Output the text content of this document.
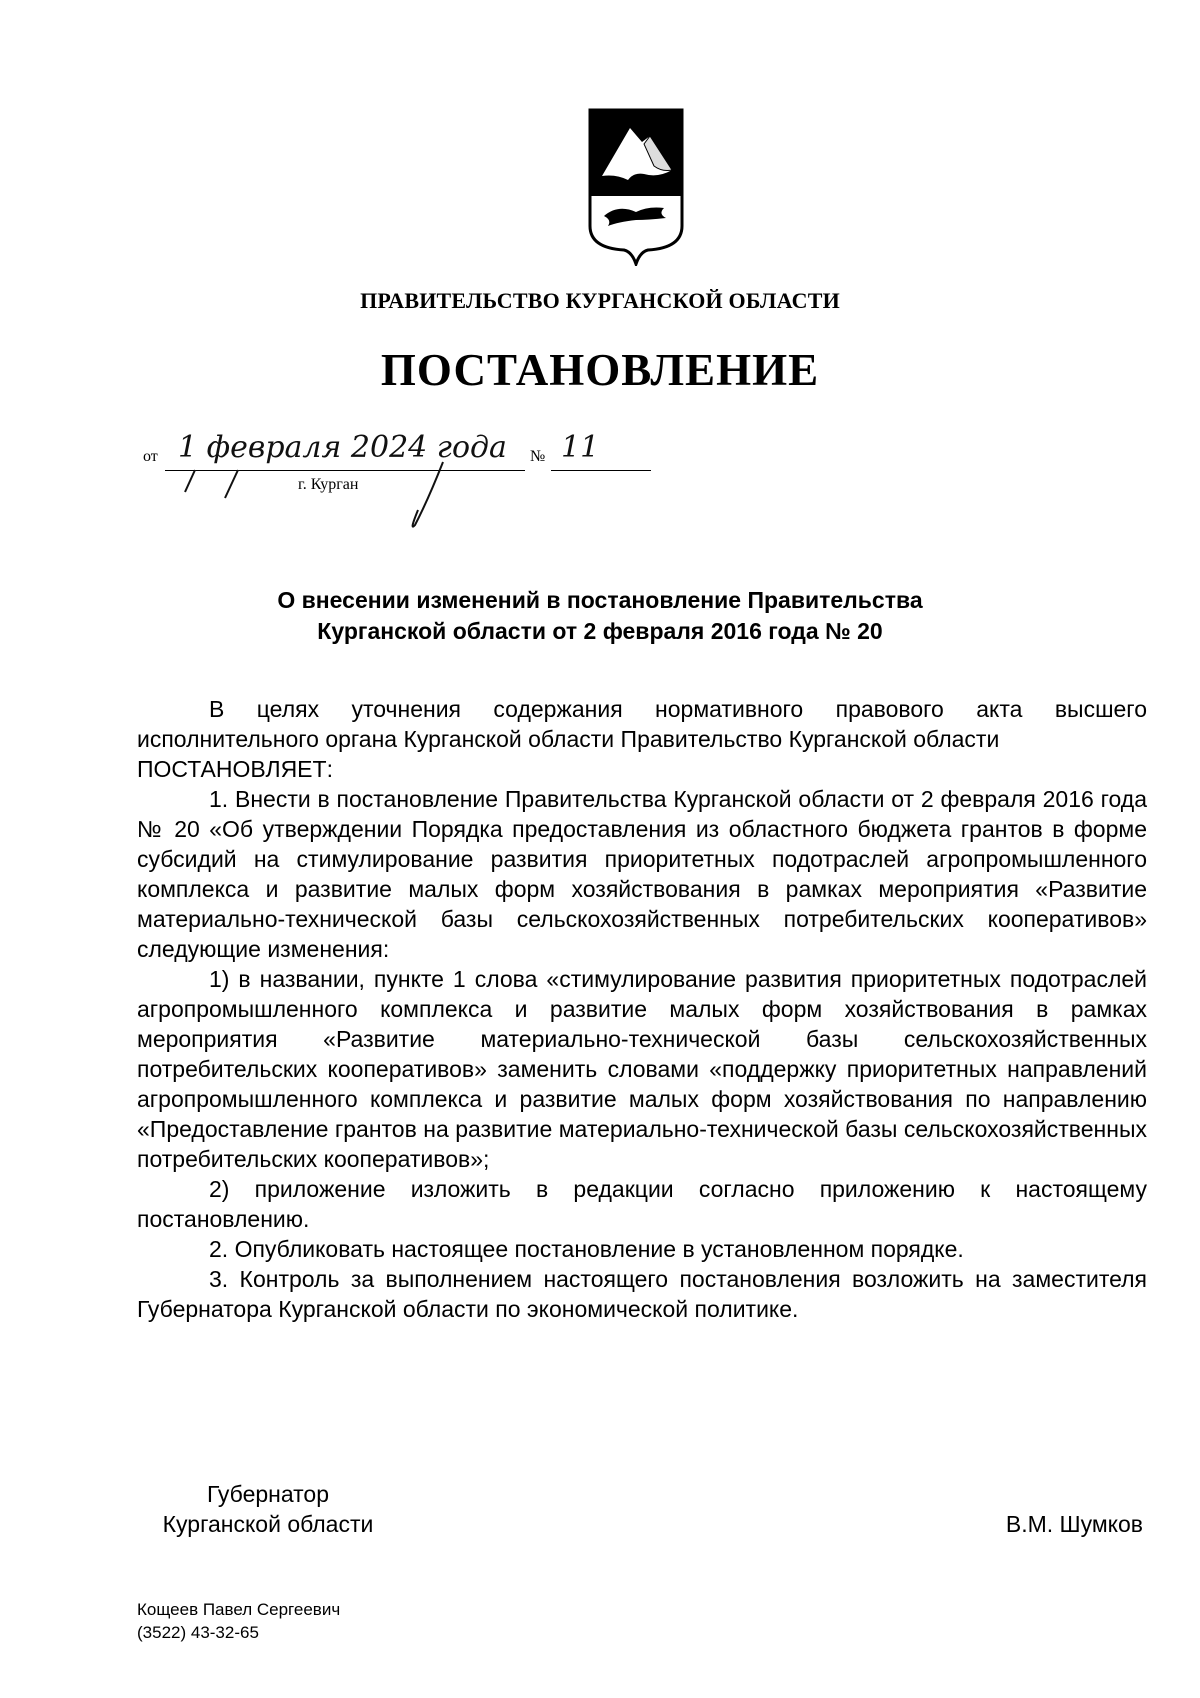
ПРАВИТЕЛЬСТВО КУРГАНСКОЙ ОБЛАСТИ
ПОСТАНОВЛЕНИЕ
от 1 февраля 2024 года № 11
г. Курган
О внесении изменений в постановление Правительства
Курганской области от 2 февраля 2016 года № 20

В целях уточнения содержания нормативного правового акта высшего исполнительного органа Курганской области Правительство Курганской области

ПОСТАНОВЛЯЕТ:

1. Внести в постановление Правительства Курганской области от 2 февраля 2016 года № 20 «Об утверждении Порядка предоставления из областного бюджета грантов в форме субсидий на стимулирование развития приоритетных подотраслей агропромышленного комплекса и развитие малых форм хозяйствования в рамках мероприятия «Развитие материально-технической базы сельскохозяйственных потребительских кооперативов» следующие изменения:

1) в названии, пункте 1 слова «стимулирование развития приоритетных подотраслей агропромышленного комплекса и развитие малых форм хозяйствования в рамках мероприятия «Развитие материально-технической базы сельскохозяйственных потребительских кооперативов» заменить словами «поддержку приоритетных направлений агропромышленного комплекса и развитие малых форм хозяйствования по направлению «Предоставление грантов на развитие материально-технической базы сельскохозяйственных потребительских кооперативов»;

2) приложение изложить в редакции согласно приложению к настоящему постановлению.

2. Опубликовать настоящее постановление в установленном порядке.

3. Контроль за выполнением настоящего постановления возложить на заместителя Губернатора Курганской области по экономической политике.

Губернатор
Курганской области	В.М. Шумков
Кощеев Павел Сергеевич
(3522) 43-32-65
